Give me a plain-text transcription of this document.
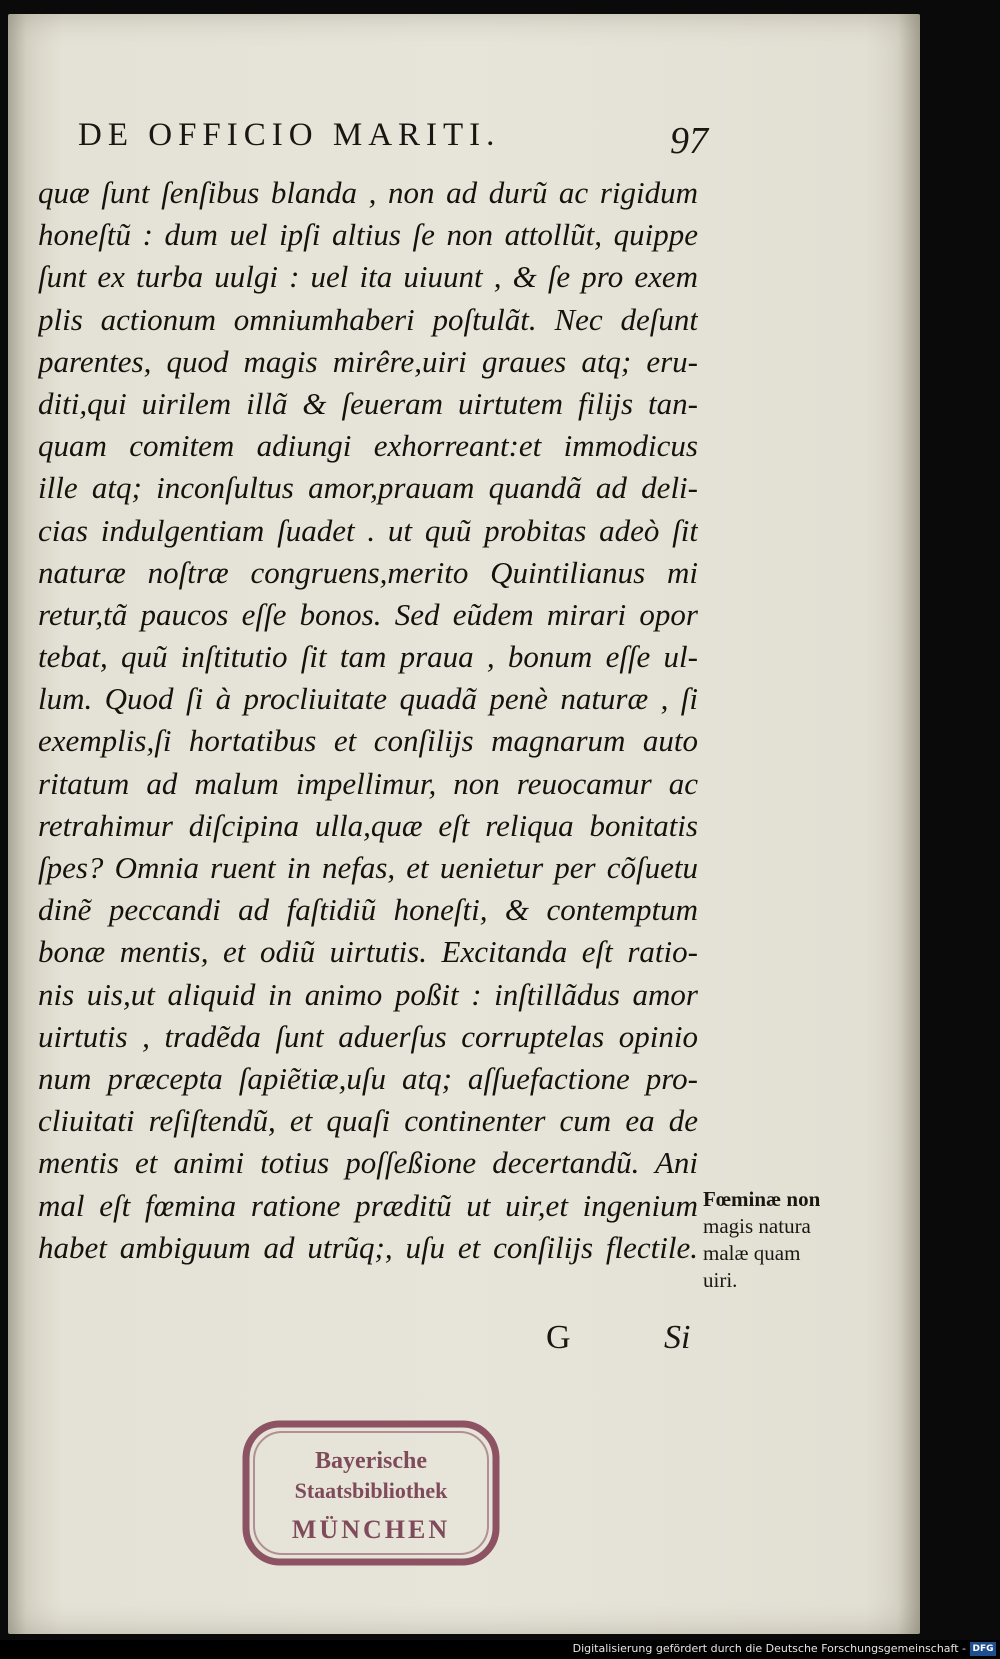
DE OFFICIO MARITI.	97
quæ ſunt ſenſibus blanda , non ad durũ ac rigidum
honeſtũ : dum uel ipſi altius ſe non attollũt, quippe
ſunt ex turba uulgi : uel ita uiuunt , & ſe pro exem
plis actionum omniumhaberi poſtulãt. Nec deſunt
parentes, quod magis mirêre,uiri graues atq; eru-
diti,qui uirilem illã & ſeueram uirtutem filijs tan-
quam comitem adiungi exhorreant:et immodicus
ille atq; inconſultus amor,prauam quandã ad deli-
cias indulgentiam ſuadet . ut quũ probitas adeò ſit
naturæ noſtræ congruens,merito Quintilianus mi
retur,tã paucos eſſe bonos. Sed eũdem mirari opor
tebat, quũ inſtitutio ſit tam praua , bonum eſſe ul-
lum. Quod ſi à procliuitate quadã penè naturæ , ſi
exemplis,ſi hortatibus et conſilijs magnarum auto
ritatum ad malum impellimur, non reuocamur ac
retrahimur diſcipina ulla,quæ eſt reliqua bonitatis
ſpes? Omnia ruent in nefas, et uenietur per cõſuetu
dinẽ peccandi ad faſtidiũ honeſti, & contemptum
bonæ mentis, et odiũ uirtutis. Excitanda eſt ratio-
nis uis,ut aliquid in animo poßit : inſtillãdus amor
uirtutis , tradẽda ſunt aduerſus corruptelas opinio
num præcepta ſapiẽtiæ,uſu atq; aſſuefactione pro-
cliuitati reſiſtendũ, et quaſi continenter cum ea de
mentis et animi totius poſſeßione decertandũ. Ani
mal eſt fœmina ratione præditũ ut uir,et ingenium
habet ambiguum ad utrũq;, uſu et conſilijs flectile.
Fœminæ non
magis natura
malæ quam
uiri.
G	Si
Bayerische
Staatsbibliothek
MÜNCHEN
Digitalisierung gefördert durch die Deutsche Forschungsgemeinschaft - DFG
